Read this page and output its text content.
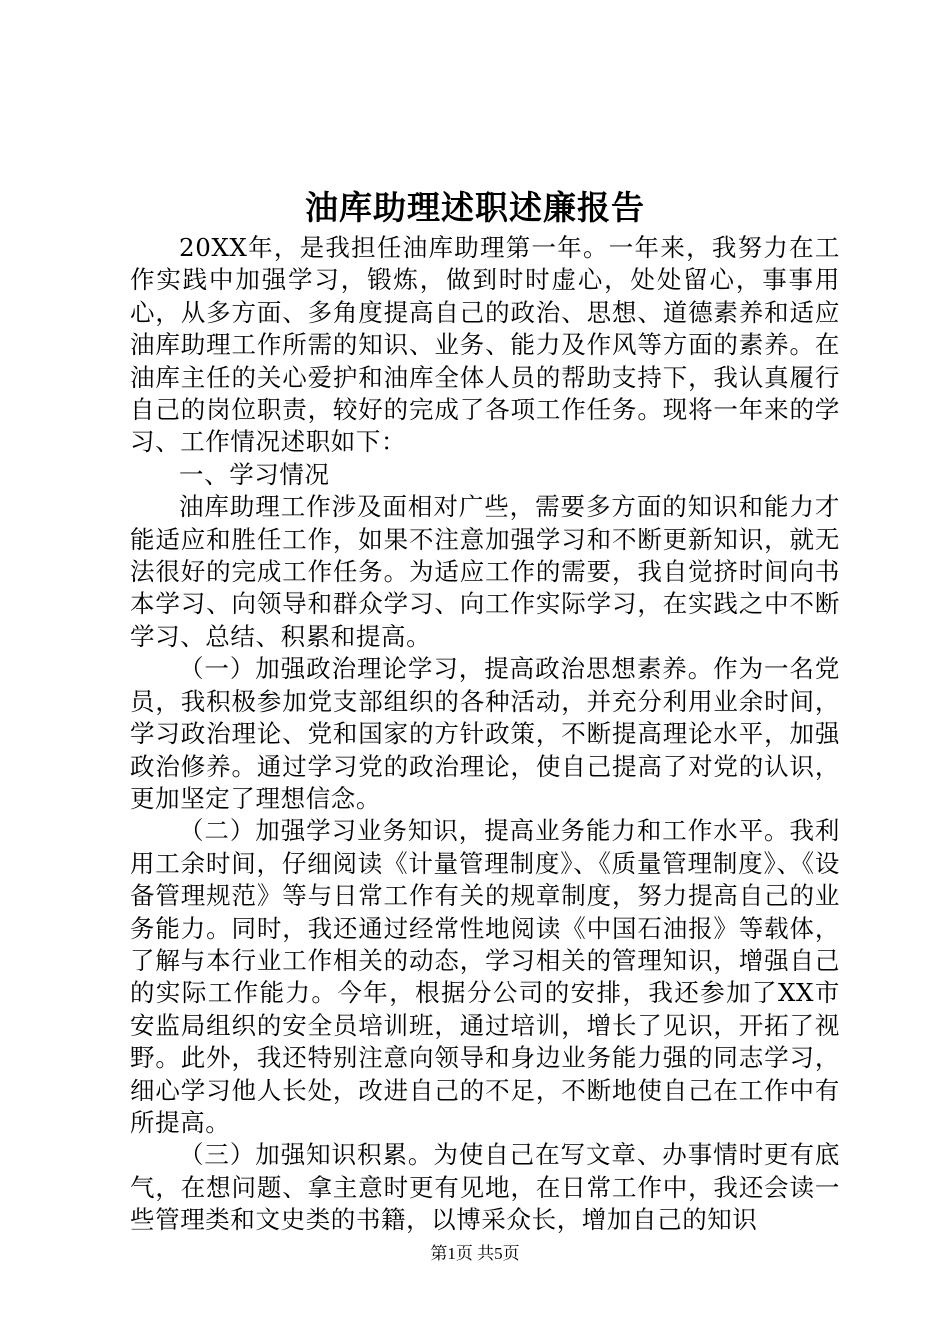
油库助理述职述廉报告

20XX年，是我担任油库助理第一年。一年来，我努力在工作实践中加强学习，锻炼，做到时时虚心，处处留心，事事用心，从多方面、多角度提高自己的政治、思想、道德素养和适应油库助理工作所需的知识、业务、能力及作风等方面的素养。在油库主任的关心爱护和油库全体人员的帮助支持下，我认真履行自己的岗位职责，较好的完成了各项工作任务。现将一年来的学习、工作情况述职如下：

一、学习情况

油库助理工作涉及面相对广些，需要多方面的知识和能力才能适应和胜任工作，如果不注意加强学习和不断更新知识，就无法很好的完成工作任务。为适应工作的需要，我自觉挤时间向书本学习、向领导和群众学习、向工作实际学习，在实践之中不断学习、总结、积累和提高。

（一）加强政治理论学习，提高政治思想素养。作为一名党员，我积极参加党支部组织的各种活动，并充分利用业余时间，学习政治理论、党和国家的方针政策，不断提高理论水平，加强政治修养。通过学习党的政治理论，使自己提高了对党的认识，更加坚定了理想信念。

（二）加强学习业务知识，提高业务能力和工作水平。我利用工余时间，仔细阅读《计量管理制度》、《质量管理制度》、《设备管理规范》等与日常工作有关的规章制度，努力提高自己的业务能力。同时，我还通过经常性地阅读《中国石油报》等载体，了解与本行业工作相关的动态，学习相关的管理知识，增强自己的实际工作能力。今年，根据分公司的安排，我还参加了XX市安监局组织的安全员培训班，通过培训，增长了见识，开拓了视野。此外，我还特别注意向领导和身边业务能力强的同志学习，细心学习他人长处，改进自己的不足，不断地使自己在工作中有所提高。

（三）加强知识积累。为使自己在写文章、办事情时更有底气，在想问题、拿主意时更有见地，在日常工作中，我还会读一些管理类和文史类的书籍，以博采众长，增加自己的知识

第1页 共5页
